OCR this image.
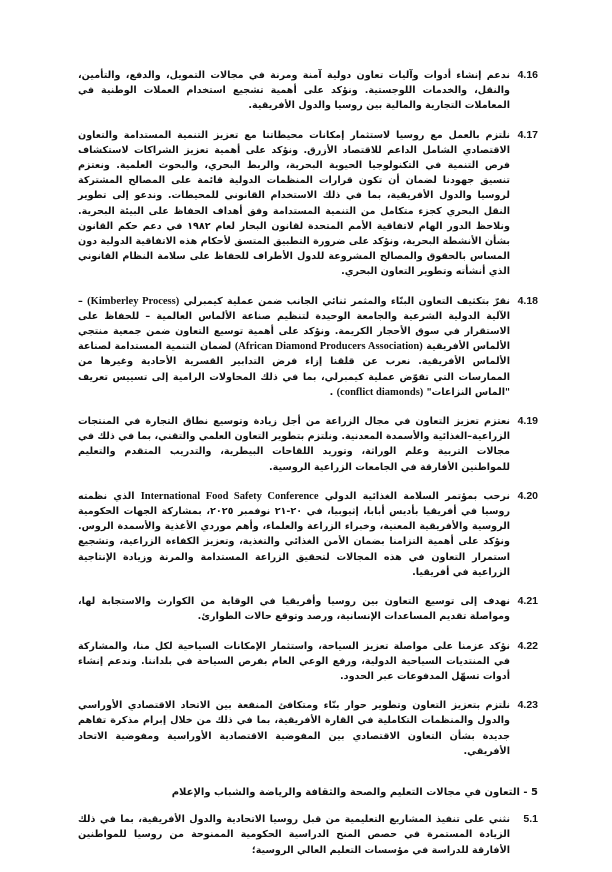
4.16
ندعم إنشاء أدوات وآليات تعاون دولية آمنة ومرنة في مجالات التمويل، والدفع، والتأمين، والنقل، والخدمات اللوجستية. ونؤكد على أهمية تشجيع استخدام العملات الوطنية في المعاملات التجارية والمالية بين روسيا والدول الأفريقية.
4.17
نلتزم بالعمل مع روسيا لاستثمار إمكانات محيطاتنا مع تعزيز التنمية المستدامة والتعاون الاقتصادي الشامل الداعم للاقتصاد الأزرق. ونؤكد على أهمية تعزيز الشراكات لاستكشاف فرص التنمية في التكنولوجيا الحيوية البحرية، والربط البحري، والبحوث العلمية. ونعتزم تنسيق جهودنا لضمان أن تكون قرارات المنظمات الدولية قائمة على المصالح المشتركة لروسيا والدول الأفريقية، بما في ذلك الاستخدام القانوني للمحيطات. وندعو إلى تطوير النقل البحري كجزء متكامل من التنمية المستدامة وفق أهداف الحفاظ على البيئة البحرية. ونلاحظ الدور الهام لاتفاقية الأمم المتحدة لقانون البحار لعام ١٩٨٢ في دعم حكم القانون بشأن الأنشطة البحرية، ونؤكد على ضرورة التطبيق المتسق لأحكام هذه الاتفاقية الدولية دون المساس بالحقوق والمصالح المشروعة للدول الأطراف للحفاظ على سلامة النظام القانوني الذي أنشأته وتطوير التعاون البحري.
4.18
نقرّ بتكثيف التعاون البنّاء والمثمر ثنائي الجانب ضمن عملية كيمبرلي (Kimberley Process) – الآلية الدولية الشرعية والجامعة الوحيدة لتنظيم صناعة الألماس العالمية – للحفاظ على الاستقرار في سوق الأحجار الكريمة. ونؤكد على أهمية توسيع التعاون ضمن جمعية منتجي الألماس الأفريقية (African Diamond Producers Association) لضمان التنمية المستدامة لصناعة الألماس الأفريقية. نعرب عن قلقنا إزاء فرض التدابير القسرية الأحادية وغيرها من الممارسات التي تقوّض عملية كيمبرلي، بما في ذلك المحاولات الرامية إلى تسييس تعريف "الماس النزاعات" (conflict diamonds) .
4.19
نعتزم تعزيز التعاون في مجال الزراعة من أجل زيادة وتوسيع نطاق التجارة في المنتجات الزراعية–الغذائية والأسمدة المعدنية. ونلتزم بتطوير التعاون العلمي والتقني، بما في ذلك في مجالات التربية وعلم الوراثة، وتوريد اللقاحات البيطرية، والتدريب المتقدم والتعليم للمواطنين الأفارقة في الجامعات الزراعية الروسية.
4.20
نرحب بمؤتمر السلامة الغذائية الدولي International Food Safety Conference الذي نظمته روسيا في أفريقيا بأديس أبابا، إثيوبيا، في ٢٠-٢١ نوفمبر ٢٠٢٥، بمشاركة الجهات الحكومية الروسية والأفريقية المعنية، وخبراء الزراعة والعلماء، وأهم موردي الأغذية والأسمدة الروس. ونؤكد على أهمية التزامنا بضمان الأمن الغذائي والتغذية، وتعزيز الكفاءة الزراعية، وتشجيع استمرار التعاون في هذه المجالات لتحقيق الزراعة المستدامة والمرنة وزيادة الإنتاجية الزراعية في أفريقيا.
4.21
نهدف إلى توسيع التعاون بين روسيا وأفريقيا في الوقاية من الكوارث والاستجابة لها، ومواصلة تقديم المساعدات الإنسانية، ورصد وتوقع حالات الطوارئ.
4.22
نؤكد عزمنا على مواصلة تعزيز السياحة، واستثمار الإمكانات السياحية لكل منا، والمشاركة في المنتديات السياحية الدولية، ورفع الوعي العام بفرص السياحة في بلداننا. وندعم إنشاء أدوات تسهّل المدفوعات عبر الحدود.
4.23
نلتزم بتعزيز التعاون وتطوير حوار بنّاء ومتكافئ المنفعة بين الاتحاد الاقتصادي الأوراسي والدول والمنظمات التكاملية في القارة الأفريقية، بما في ذلك من خلال إبرام مذكرة تفاهم جديدة بشأن التعاون الاقتصادي بين المفوضية الاقتصادية الأوراسية ومفوضية الاتحاد الأفريقي.
5 - التعاون في مجالات التعليم والصحة والثقافة والرياضة والشباب والإعلام
5.1
نثني على تنفيذ المشاريع التعليمية من قبل روسيا الاتحادية والدول الأفريقية، بما في ذلك الزيادة المستمرة في حصص المنح الدراسية الحكومية الممنوحة من روسيا للمواطنين الأفارقة للدراسة في مؤسسات التعليم العالي الروسية؛
